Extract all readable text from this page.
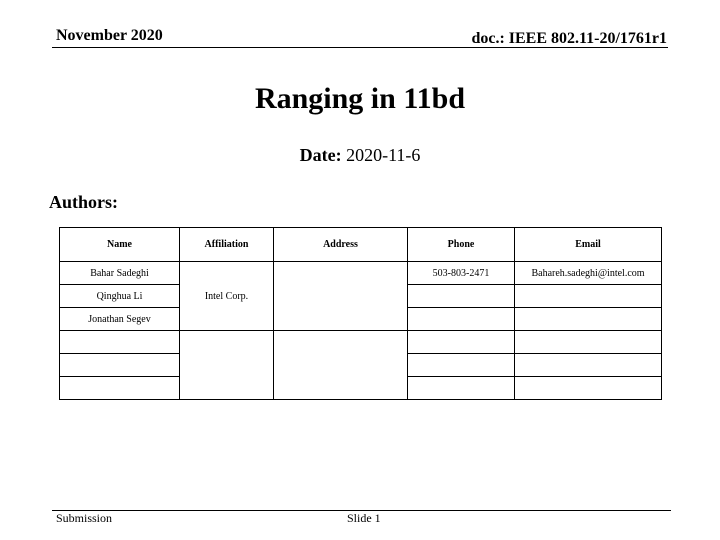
November 2020	doc.: IEEE 802.11-20/1761r1
Ranging in 11bd
Date: 2020-11-6
Authors:
Name	Affiliation	Address	Phone	Email
Bahar Sadeghi	Intel Corp.		503-803-2471	Bahareh.sadeghi@intel.com
Qinghua Li				
Jonathan Segev				

Submission	Slide 1
